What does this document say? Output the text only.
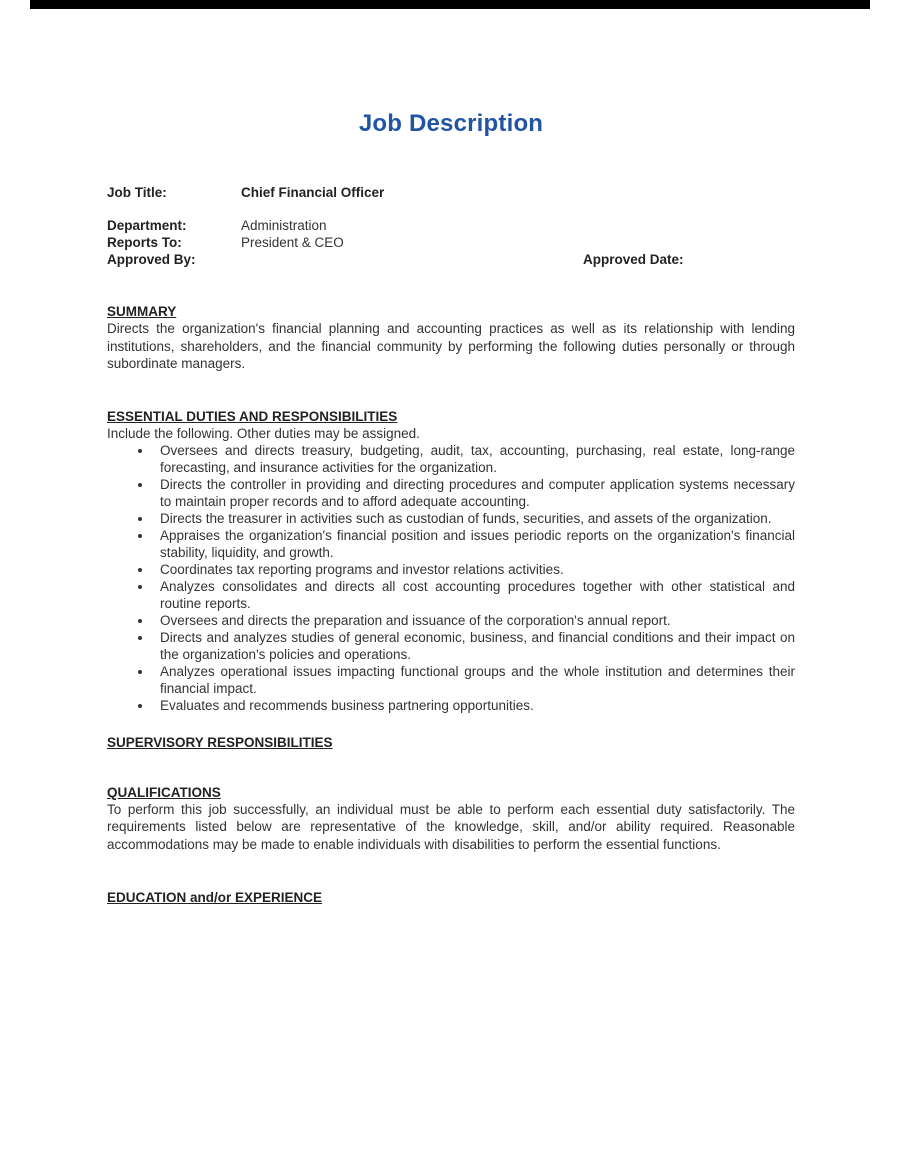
Job Description
Job Title:	Chief Financial Officer
Department:	Administration
Reports To:	President & CEO
Approved By:	Approved Date:
SUMMARY

Directs the organization's financial planning and accounting practices as well as its relationship with lending institutions, shareholders, and the financial community by performing the following duties personally or through subordinate managers.

ESSENTIAL DUTIES AND RESPONSIBILITIES

Include the following. Other duties may be assigned.

Oversees and directs treasury, budgeting, audit, tax, accounting, purchasing, real estate, long-range forecasting, and insurance activities for the organization.
Directs the controller in providing and directing procedures and computer application systems necessary to maintain proper records and to afford adequate accounting.
Directs the treasurer in activities such as custodian of funds, securities, and assets of the organization.
Appraises the organization's financial position and issues periodic reports on the organization's financial stability, liquidity, and growth.
Coordinates tax reporting programs and investor relations activities.
Analyzes consolidates and directs all cost accounting procedures together with other statistical and routine reports.
Oversees and directs the preparation and issuance of the corporation's annual report.
Directs and analyzes studies of general economic, business, and financial conditions and their impact on the organization's policies and operations.
Analyzes operational issues impacting functional groups and the whole institution and determines their financial impact.
Evaluates and recommends business partnering opportunities.
SUPERVISORY RESPONSIBILITIES
QUALIFICATIONS

To perform this job successfully, an individual must be able to perform each essential duty satisfactorily. The requirements listed below are representative of the knowledge, skill, and/or ability required. Reasonable accommodations may be made to enable individuals with disabilities to perform the essential functions.

EDUCATION and/or EXPERIENCE
